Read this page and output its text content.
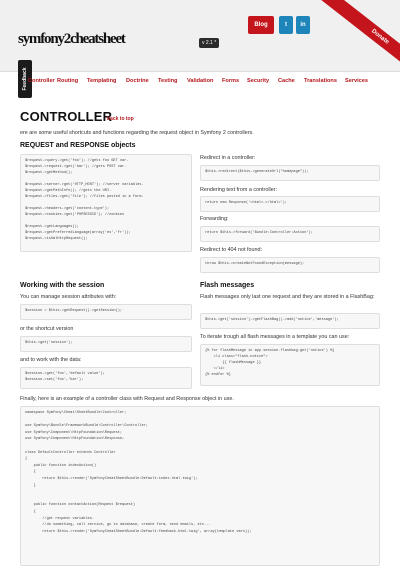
symfony2cheatsheet	v 2.1 *
Blog	t	in
Donate
Feedback Controller Routing Templating Doctrine Testing Validation Forms Security Cache Translations Services
CONTROLLER
back to top
ere are some useful shortcuts and functions regarding the request object in Symfony 2 controllers.
REQUEST and RESPONSE objects
$request->query->get('foo'); //gets foo GET var.
$request->request->get('bar'); //gets POST var.
$request->getMethod();

$request->server->get('HTTP_HOST'); //server variables.
$request->getPathInfo(); //gets the URI.
$request->files->get('file'); //files posted in a form.

$request->headers->get('content-type');
$request->cookies->get('PHPSESSID'); //cookies

$request->getLanguages();
$request->getPreferredLanguage(array('es','fr'));
$request->isXmlHttpRequest();
Redirect in a controller:
$this->redirect($this->generateUrl("homepage"));
Rendering text from a controller:
return new Response('<html>…</html>');
Forwarding:
return $this->forward('Bundle:Controller:Action');
Redirect to 404 not found:
throw $this->createNotFoundException(message);
Working with the session
You can manage session attributes with:
$session = $this->getRequest()->getSession();
or the shortcut version
$this->get('session');
and to work with the data:
$session->get('foo','default value');
$session->set('foo','bar');
Flash messages
Flash messages only last one request and they are stored in a FlashBag:
$this->get('session')->getFlashBag()->add('notice','message');
To iterate trough all flash messages in a template you can use:
{% for flashMessage in app.session.flashbag.get('notice') %}
<li class="flash-notice">
{{ flashMessage }}
</li>
{% endfor %}
Finally, here is an example of a controller class with Request and Response object in use.
namespace Symfony\Cheat\SheetBundle\Controller;

use Symfony\Bundle\FrameworkBundle\Controller\Controller;
use Symfony\Component\HttpFoundation\Request;
use Symfony\Component\HttpFoundation\Response;

class DefaultController extends Controller
{
public function indexAction()
{
return $this->render('SymfonyCheatSheetBundle:Default:index.html.twig');
}

public function contactAction(Request $request)
{
//get request variables.
//do something, call service, go to database, create form, send emails, etc...
return $this->render('SymfonyCheatSheetBundle:Default:feedback.html.twig', array(template vars));
